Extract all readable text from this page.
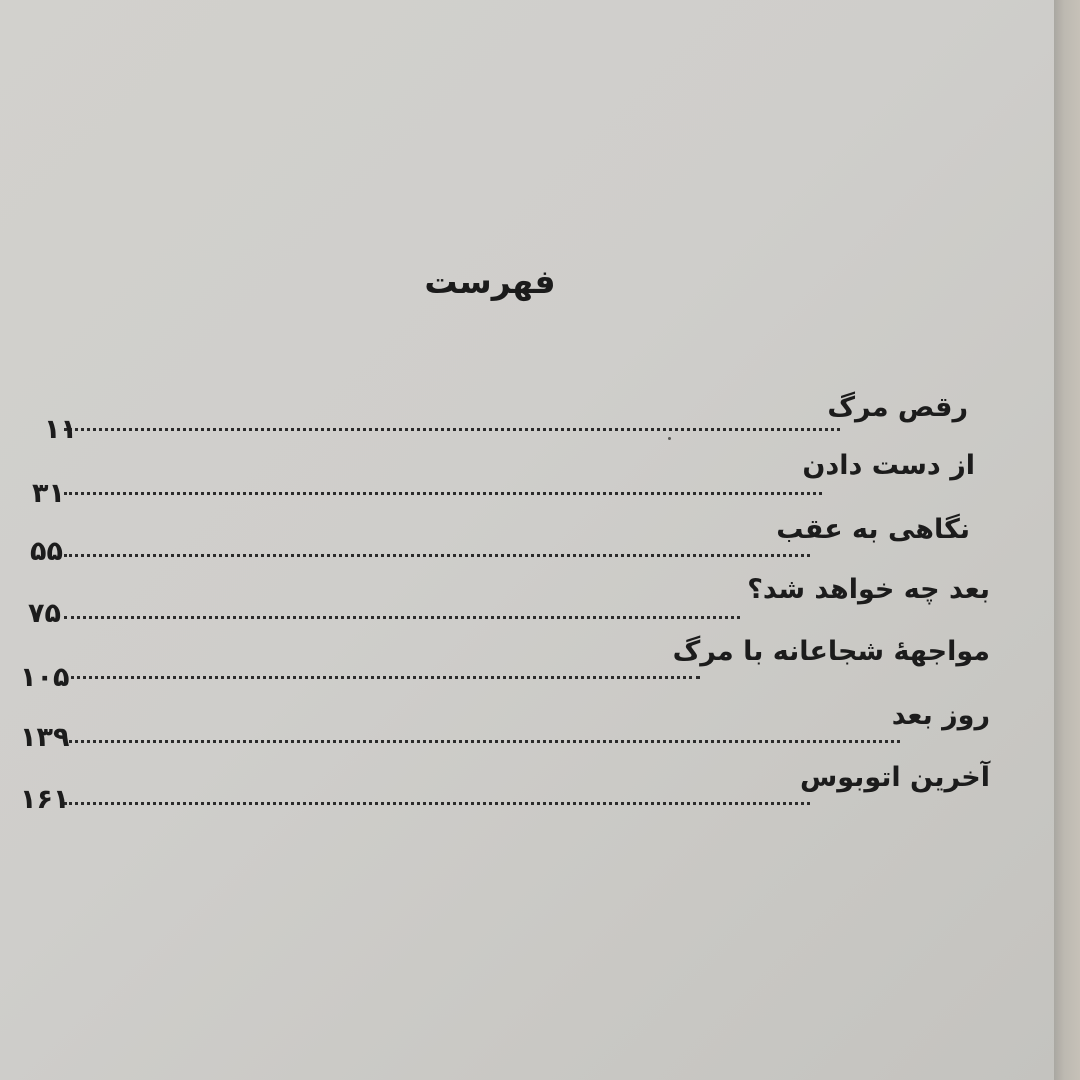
فهرست
رقص مرگ
۱۱
از دست دادن
۳۱
نگاهی به عقب
۵۵
بعد چه خواهد شد؟
۷۵
مواجههٔ شجاعانه با مرگ
۱۰۵
روز بعد
۱۳۹
آخرین اتوبوس
۱۶۱
